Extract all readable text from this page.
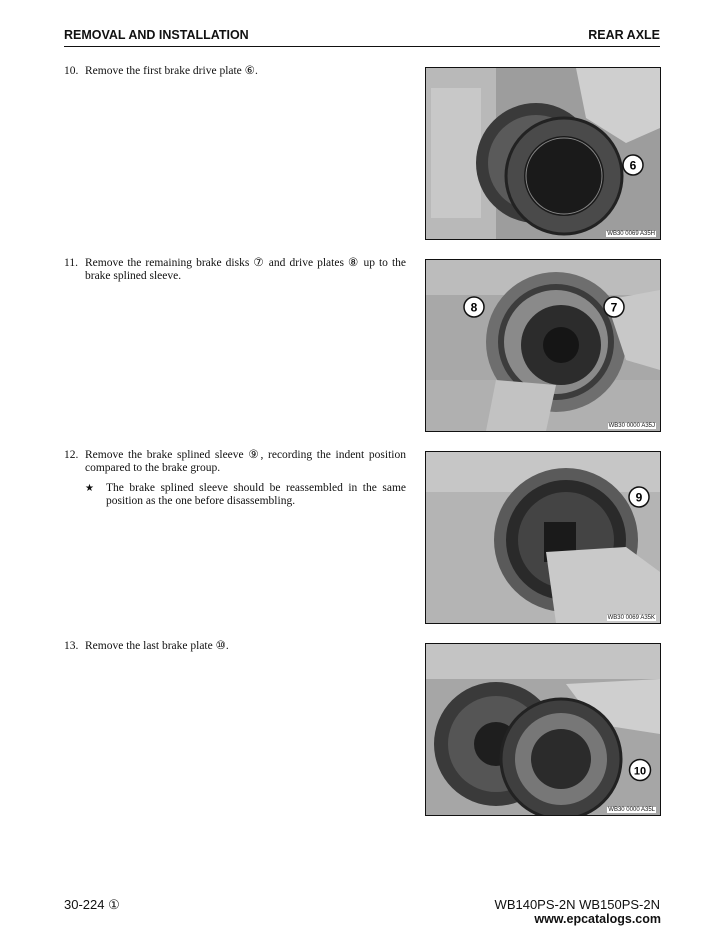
REMOVAL AND INSTALLATION	REAR AXLE
10. Remove the first brake drive plate ⑥.
6
WB30 0069 A35H
11. Remove the remaining brake disks ⑦ and drive plates ⑧ up to the brake splined sleeve.
8	7
WB30 0000 A35J
12. Remove the brake splined sleeve ⑨, recording the indent position compared to the brake group.
★ The brake splined sleeve should be reassembled in the same position as the one before disassembling.	9
WB30 0069 A35K
13. Remove the last brake plate ⑩.
10
WB30 0000 A35L
30-224 ①	WB140PS-2N WB150PS-2N
www.epcatalogs.com
